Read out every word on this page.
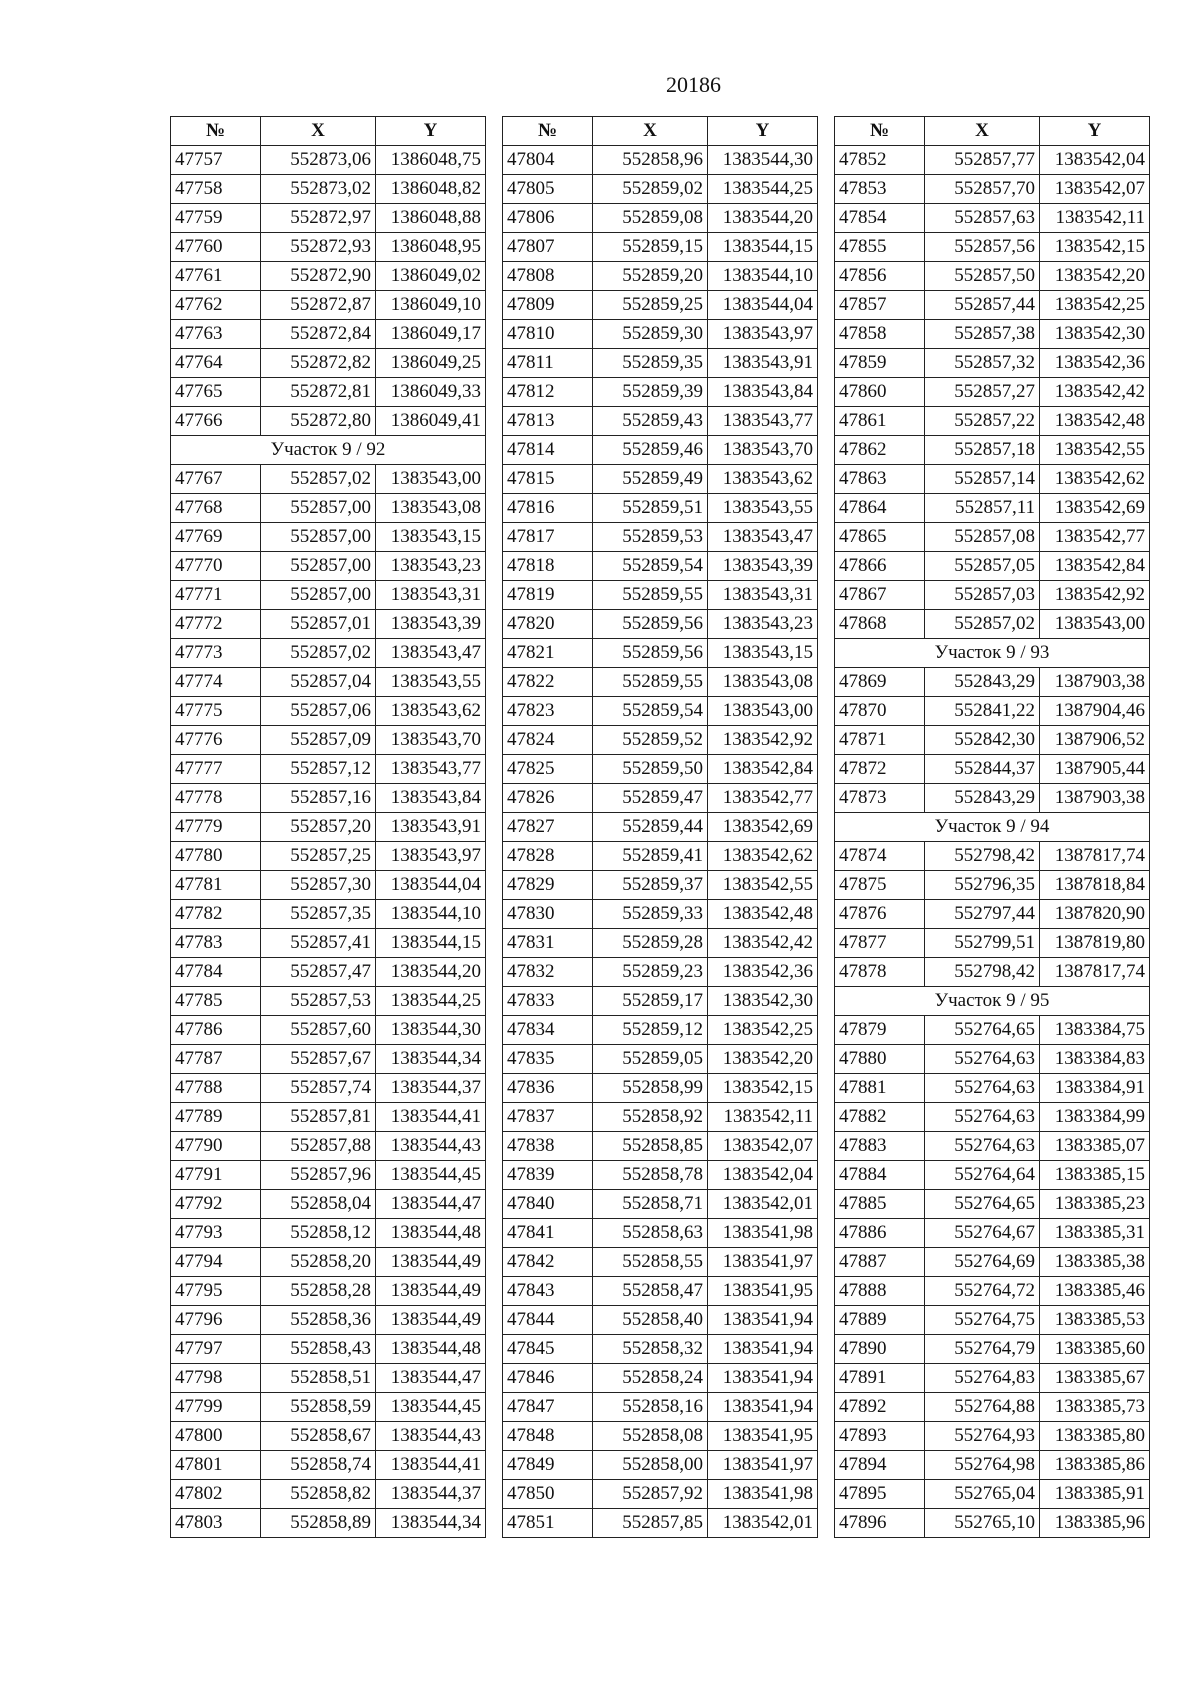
20186
№	X	Y
47757	552873,06	1386048,75
47758	552873,02	1386048,82
47759	552872,97	1386048,88
47760	552872,93	1386048,95
47761	552872,90	1386049,02
47762	552872,87	1386049,10
47763	552872,84	1386049,17
47764	552872,82	1386049,25
47765	552872,81	1386049,33
47766	552872,80	1386049,41
Участок 9 / 92		
47767	552857,02	1383543,00
47768	552857,00	1383543,08
47769	552857,00	1383543,15
47770	552857,00	1383543,23
47771	552857,00	1383543,31
47772	552857,01	1383543,39
47773	552857,02	1383543,47
47774	552857,04	1383543,55
47775	552857,06	1383543,62
47776	552857,09	1383543,70
47777	552857,12	1383543,77
47778	552857,16	1383543,84
47779	552857,20	1383543,91
47780	552857,25	1383543,97
47781	552857,30	1383544,04
47782	552857,35	1383544,10
47783	552857,41	1383544,15
47784	552857,47	1383544,20
47785	552857,53	1383544,25
47786	552857,60	1383544,30
47787	552857,67	1383544,34
47788	552857,74	1383544,37
47789	552857,81	1383544,41
47790	552857,88	1383544,43
47791	552857,96	1383544,45
47792	552858,04	1383544,47
47793	552858,12	1383544,48
47794	552858,20	1383544,49
47795	552858,28	1383544,49
47796	552858,36	1383544,49
47797	552858,43	1383544,48
47798	552858,51	1383544,47
47799	552858,59	1383544,45
47800	552858,67	1383544,43
47801	552858,74	1383544,41
47802	552858,82	1383544,37
47803	552858,89	1383544,34
№	X	Y
47804	552858,96	1383544,30
47805	552859,02	1383544,25
47806	552859,08	1383544,20
47807	552859,15	1383544,15
47808	552859,20	1383544,10
47809	552859,25	1383544,04
47810	552859,30	1383543,97
47811	552859,35	1383543,91
47812	552859,39	1383543,84
47813	552859,43	1383543,77
47814	552859,46	1383543,70
47815	552859,49	1383543,62
47816	552859,51	1383543,55
47817	552859,53	1383543,47
47818	552859,54	1383543,39
47819	552859,55	1383543,31
47820	552859,56	1383543,23
47821	552859,56	1383543,15
47822	552859,55	1383543,08
47823	552859,54	1383543,00
47824	552859,52	1383542,92
47825	552859,50	1383542,84
47826	552859,47	1383542,77
47827	552859,44	1383542,69
47828	552859,41	1383542,62
47829	552859,37	1383542,55
47830	552859,33	1383542,48
47831	552859,28	1383542,42
47832	552859,23	1383542,36
47833	552859,17	1383542,30
47834	552859,12	1383542,25
47835	552859,05	1383542,20
47836	552858,99	1383542,15
47837	552858,92	1383542,11
47838	552858,85	1383542,07
47839	552858,78	1383542,04
47840	552858,71	1383542,01
47841	552858,63	1383541,98
47842	552858,55	1383541,97
47843	552858,47	1383541,95
47844	552858,40	1383541,94
47845	552858,32	1383541,94
47846	552858,24	1383541,94
47847	552858,16	1383541,94
47848	552858,08	1383541,95
47849	552858,00	1383541,97
47850	552857,92	1383541,98
47851	552857,85	1383542,01
№	X	Y
47852	552857,77	1383542,04
47853	552857,70	1383542,07
47854	552857,63	1383542,11
47855	552857,56	1383542,15
47856	552857,50	1383542,20
47857	552857,44	1383542,25
47858	552857,38	1383542,30
47859	552857,32	1383542,36
47860	552857,27	1383542,42
47861	552857,22	1383542,48
47862	552857,18	1383542,55
47863	552857,14	1383542,62
47864	552857,11	1383542,69
47865	552857,08	1383542,77
47866	552857,05	1383542,84
47867	552857,03	1383542,92
47868	552857,02	1383543,00
Участок 9 / 93		
47869	552843,29	1387903,38
47870	552841,22	1387904,46
47871	552842,30	1387906,52
47872	552844,37	1387905,44
47873	552843,29	1387903,38
Участок 9 / 94		
47874	552798,42	1387817,74
47875	552796,35	1387818,84
47876	552797,44	1387820,90
47877	552799,51	1387819,80
47878	552798,42	1387817,74
Участок 9 / 95		
47879	552764,65	1383384,75
47880	552764,63	1383384,83
47881	552764,63	1383384,91
47882	552764,63	1383384,99
47883	552764,63	1383385,07
47884	552764,64	1383385,15
47885	552764,65	1383385,23
47886	552764,67	1383385,31
47887	552764,69	1383385,38
47888	552764,72	1383385,46
47889	552764,75	1383385,53
47890	552764,79	1383385,60
47891	552764,83	1383385,67
47892	552764,88	1383385,73
47893	552764,93	1383385,80
47894	552764,98	1383385,86
47895	552765,04	1383385,91
47896	552765,10	1383385,96
